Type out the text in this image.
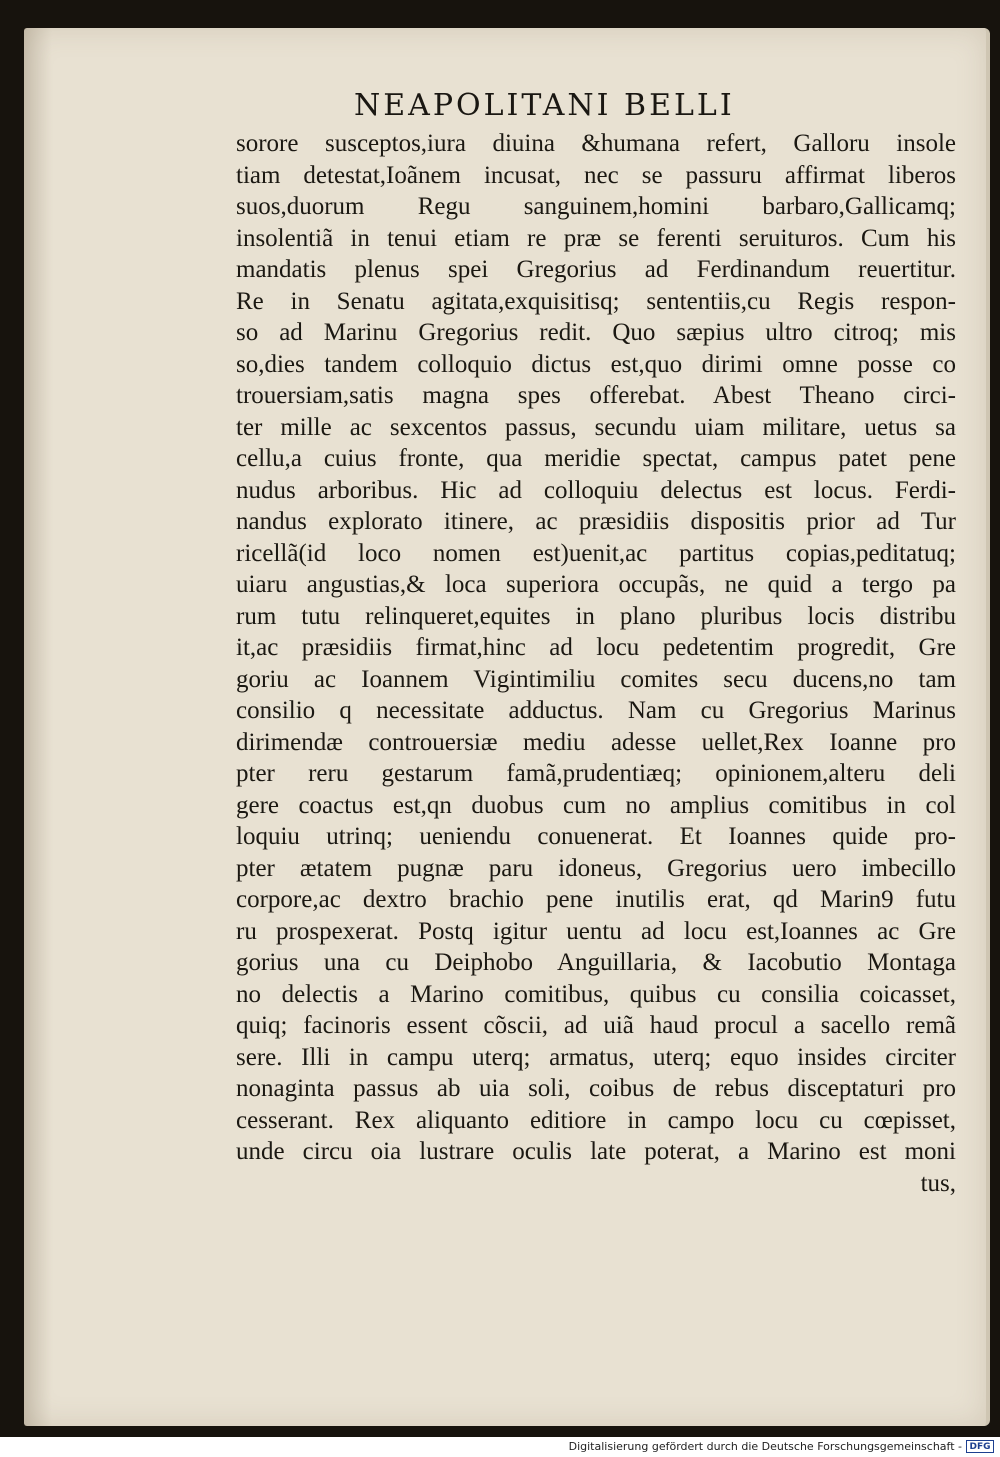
NEAPOLITANI BELLI
sorore susceptos,iura diuina &humana refert, Galloru insole
tiam detestat,Ioãnem incusat, nec se passuru affirmat liberos
suos,duorum Regu sanguinem,homini barbaro,Gallicamq;
insolentiã in tenui etiam re præ se ferenti seruituros. Cum his
mandatis plenus spei Gregorius ad Ferdinandum reuertitur.
Re in Senatu agitata,exquisitisq; sententiis,cu Regis respon-
so ad Marinu Gregorius redit. Quo sæpius ultro citroq; mis
so,dies tandem colloquio dictus est,quo dirimi omne posse co
trouersiam,satis magna spes offerebat. Abest Theano circi-
ter mille ac sexcentos passus, secundu uiam militare, uetus sa
cellu,a cuius fronte, qua meridie spectat, campus patet pene
nudus arboribus. Hic ad colloquiu delectus est locus. Ferdi-
nandus explorato itinere, ac præsidiis dispositis prior ad Tur
ricellã(id loco nomen est)uenit,ac partitus copias,peditatuq;
uiaru angustias,& loca superiora occupãs, ne quid a tergo pa
rum tutu relinqueret,equites in plano pluribus locis distribu
it,ac præsidiis firmat,hinc ad locu pedetentim progredit, Gre
goriu ac Ioannem Vigintimiliu comites secu ducens,no tam
consilio q necessitate adductus. Nam cu Gregorius Marinus
dirimendæ controuersiæ mediu adesse uellet,Rex Ioanne pro
pter reru gestarum famã,prudentiæq; opinionem,alteru deli
gere coactus est,qn duobus cum no amplius comitibus in col
loquiu utrinq; ueniendu conuenerat. Et Ioannes quide pro-
pter ætatem pugnæ paru idoneus, Gregorius uero imbecillo
corpore,ac dextro brachio pene inutilis erat, qd Marin9 futu
ru prospexerat. Postq igitur uentu ad locu est,Ioannes ac Gre
gorius una cu Deiphobo Anguillaria, & Iacobutio Montaga
no delectis a Marino comitibus, quibus cu consilia coicasset,
quiq; facinoris essent cõscii, ad uiã haud procul a sacello remã
sere. Illi in campu uterq; armatus, uterq; equo insides circiter
nonaginta passus ab uia soli, coibus de rebus disceptaturi pro
cesserant. Rex aliquanto editiore in campo locu cu cœpisset,
unde circu oia lustrare oculis late poterat, a Marino est moni
tus,
Digitalisierung gefördert durch die Deutsche Forschungsgemeinschaft - DFG
